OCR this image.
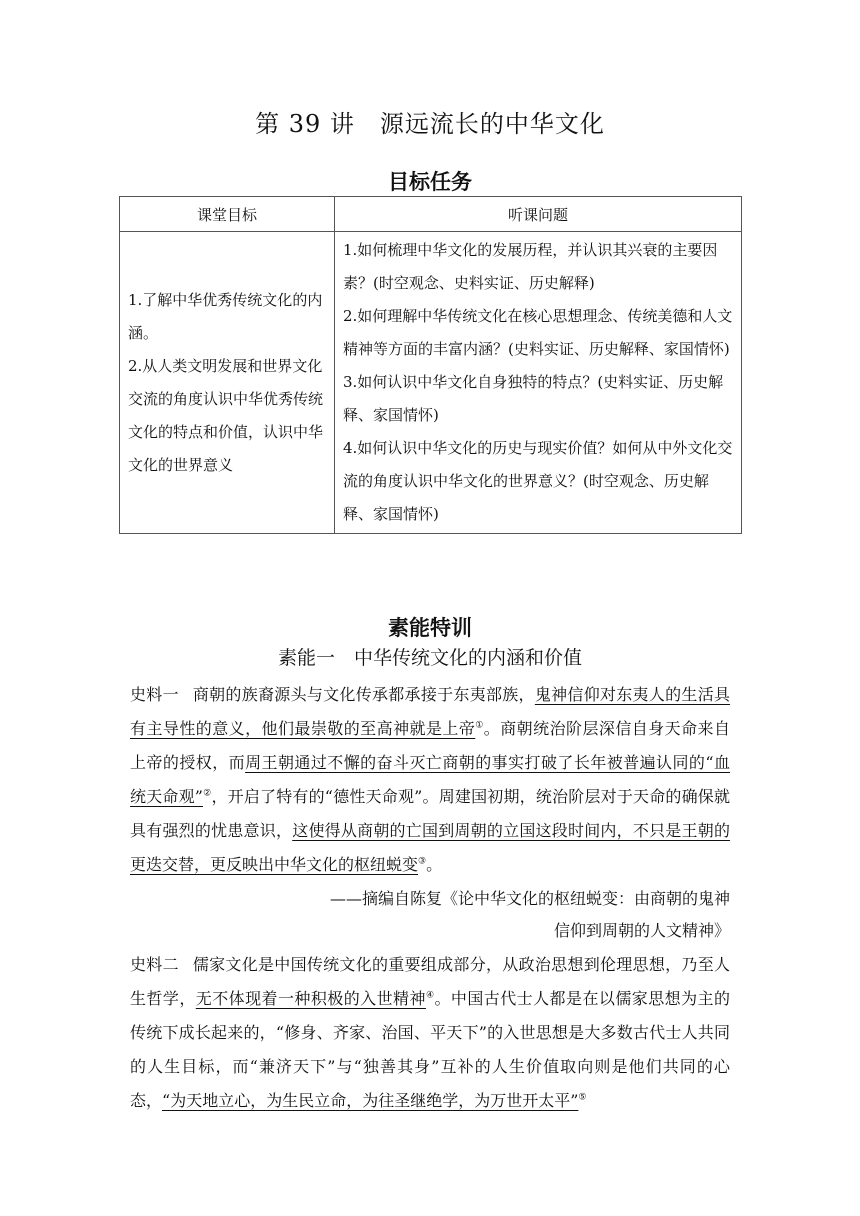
第 39 讲　源远流长的中华文化
目标任务
课堂目标	听课问题

1.了解中华优秀传统文化的内涵。
2.从人类文明发展和世界文化交流的角度认识中华优秀传统文化的特点和价值，认识中华文化的世界意义	1.如何梳理中华文化的发展历程，并认识其兴衰的主要因素？(时空观念、史料实证、历史解释)
2.如何理解中华传统文化在核心思想理念、传统美德和人文精神等方面的丰富内涵？(史料实证、历史解释、家国情怀)
3.如何认识中华文化自身独特的特点？(史料实证、历史解释、家国情怀)
4.如何认识中华文化的历史与现实价值？如何从中外文化交流的角度认识中华文化的世界意义？(时空观念、历史解释、家国情怀)
素能特训
素能一　中华传统文化的内涵和价值
史料一 商朝的族裔源头与文化传承都承接于东夷部族，鬼神信仰对东夷人的生活具有主导性的意义，他们最崇敬的至高神就是上帝①。商朝统治阶层深信自身天命来自上帝的授权，而周王朝通过不懈的奋斗灭亡商朝的事实打破了长年被普遍认同的“血统天命观”②，开启了特有的“德性天命观”。周建国初期，统治阶层对于天命的确保就具有强烈的忧患意识，这使得从商朝的亡国到周朝的立国这段时间内，不只是王朝的更迭交替，更反映出中华文化的枢纽蜕变③。
——摘编自陈复《论中华文化的枢纽蜕变：由商朝的鬼神
信仰到周朝的人文精神》
史料二 儒家文化是中国传统文化的重要组成部分，从政治思想到伦理思想，乃至人生哲学，无不体现着一种积极的入世精神④。中国古代士人都是在以儒家思想为主的传统下成长起来的，“修身、齐家、治国、平天下”的入世思想是大多数古代士人共同的人生目标，而“兼济天下”与“独善其身”互补的人生价值取向则是他们共同的心态，“为天地立心，为生民立命，为往圣继绝学，为万世开太平”⑤
